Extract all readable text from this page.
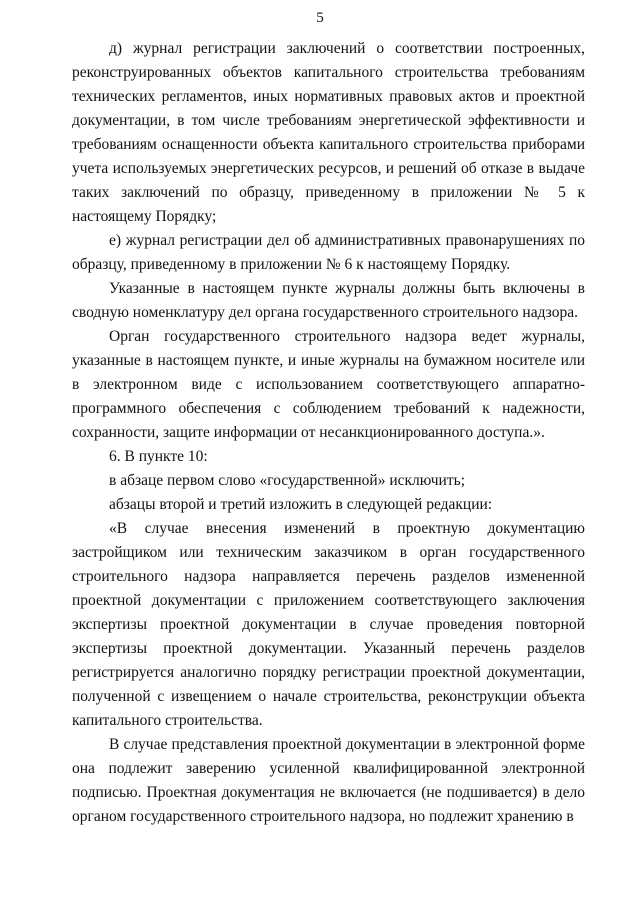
5

д) журнал регистрации заключений о соответствии построенных, реконструированных объектов капитального строительства требованиям технических регламентов, иных нормативных правовых актов и проектной документации, в том числе требованиям энергетической эффективности и требованиям оснащенности объекта капитального строительства приборами учета используемых энергетических ресурсов, и решений об отказе в выдаче таких заключений по образцу, приведенному в приложении № 5 к настоящему Порядку;

е) журнал регистрации дел об административных правонарушениях по образцу, приведенному в приложении № 6 к настоящему Порядку.

Указанные в настоящем пункте журналы должны быть включены в сводную номенклатуру дел органа государственного строительного надзора.

Орган государственного строительного надзора ведет журналы, указанные в настоящем пункте, и иные журналы на бумажном носителе или в электронном виде с использованием соответствующего аппаратно-программного обеспечения с соблюдением требований к надежности, сохранности, защите информации от несанкционированного доступа.».

6. В пункте 10:

в абзаце первом слово «государственной» исключить;

абзацы второй и третий изложить в следующей редакции:

«В случае внесения изменений в проектную документацию застройщиком или техническим заказчиком в орган государственного строительного надзора направляется перечень разделов измененной проектной документации с приложением соответствующего заключения экспертизы проектной документации в случае проведения повторной экспертизы проектной документации. Указанный перечень разделов регистрируется аналогично порядку регистрации проектной документации, полученной с извещением о начале строительства, реконструкции объекта капитального строительства.

В случае представления проектной документации в электронной форме она подлежит заверению усиленной квалифицированной электронной подписью. Проектная документация не включается (не подшивается) в дело органом государственного строительного надзора, но подлежит хранению в
